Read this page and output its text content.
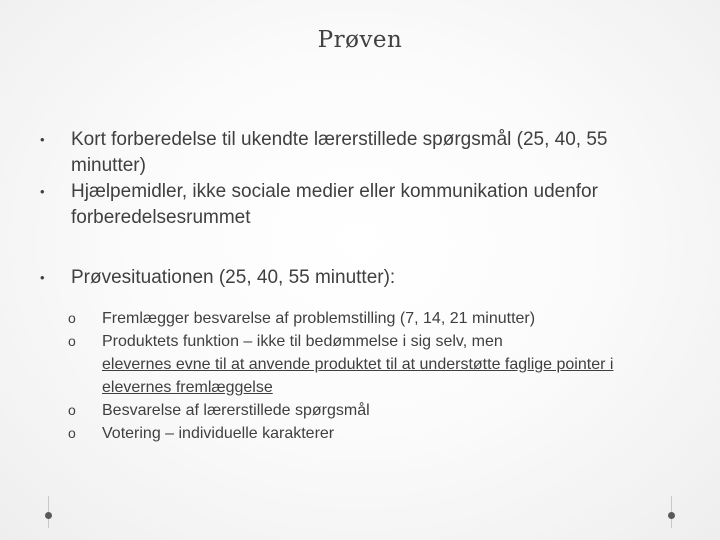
Prøven
• Kort forberedelse til ukendte lærerstillede spørgsmål (25, 40, 55 minutter)
• Hjælpemidler, ikke sociale medier eller kommunikation udenfor forberedelsesrummet
• Prøvesituationen (25, 40, 55 minutter):
o Fremlægger besvarelse af problemstilling (7, 14, 21 minutter)
o Produktets funktion – ikke til bedømmelse i sig selv, men
elevernes evne til at anvende produktet til at understøtte faglige pointer i elevernes fremlæggelse
o Besvarelse af lærerstillede spørgsmål
o Votering – individuelle karakterer
